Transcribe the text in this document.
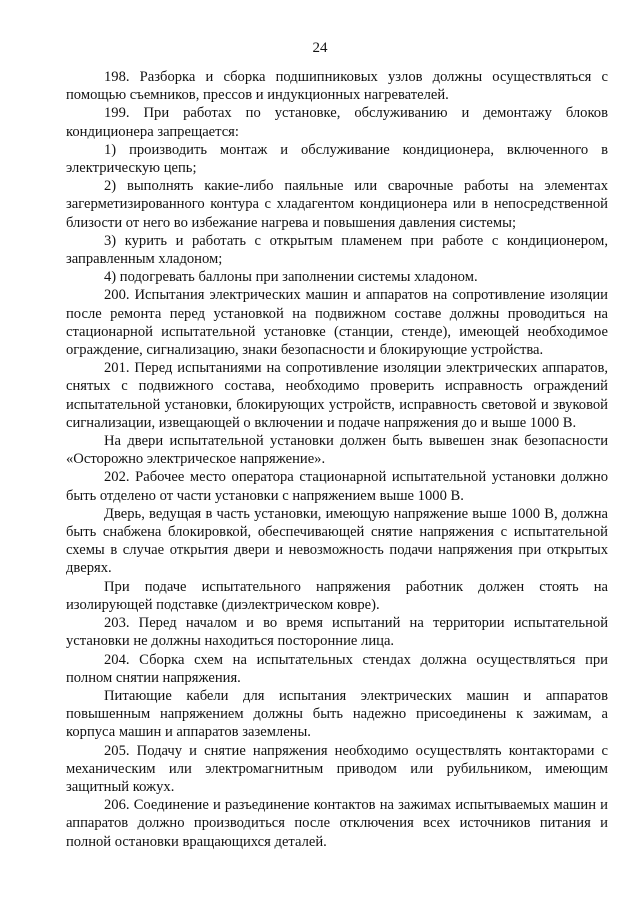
24

198. Разборка и сборка подшипниковых узлов должны осуществляться с помощью съемников, прессов и индукционных нагревателей.

199. При работах по установке, обслуживанию и демонтажу блоков кондиционера запрещается:

1) производить монтаж и обслуживание кондиционера, включенного в электрическую цепь;

2) выполнять какие-либо паяльные или сварочные работы на элементах загерметизированного контура с хладагентом кондиционера или в непосредственной близости от него во избежание нагрева и повышения давления системы;

3) курить и работать с открытым пламенем при работе с кондиционером, заправленным хладоном;

4) подогревать баллоны при заполнении системы хладоном.

200. Испытания электрических машин и аппаратов на сопротивление изоляции после ремонта перед установкой на подвижном составе должны проводиться на стационарной испытательной установке (станции, стенде), имеющей необходимое ограждение, сигнализацию, знаки безопасности и блокирующие устройства.

201. Перед испытаниями на сопротивление изоляции электрических аппаратов, снятых с подвижного состава, необходимо проверить исправность ограждений испытательной установки, блокирующих устройств, исправность световой и звуковой сигнализации, извещающей о включении и подаче напряжения до и выше 1000 В.

На двери испытательной установки должен быть вывешен знак безопасности «Осторожно электрическое напряжение».

202. Рабочее место оператора стационарной испытательной установки должно быть отделено от части установки с напряжением выше 1000 В.

Дверь, ведущая в часть установки, имеющую напряжение выше 1000 В, должна быть снабжена блокировкой, обеспечивающей снятие напряжения с испытательной схемы в случае открытия двери и невозможность подачи напряжения при открытых дверях.

При подаче испытательного напряжения работник должен стоять на изолирующей подставке (диэлектрическом ковре).

203. Перед началом и во время испытаний на территории испытательной установки не должны находиться посторонние лица.

204. Сборка схем на испытательных стендах должна осуществляться при полном снятии напряжения.

Питающие кабели для испытания электрических машин и аппаратов повышенным напряжением должны быть надежно присоединены к зажимам, а корпуса машин и аппаратов заземлены.

205. Подачу и снятие напряжения необходимо осуществлять контакторами с механическим или электромагнитным приводом или рубильником, имеющим защитный кожух.

206. Соединение и разъединение контактов на зажимах испытываемых машин и аппаратов должно производиться после отключения всех источников питания и полной остановки вращающихся деталей.
